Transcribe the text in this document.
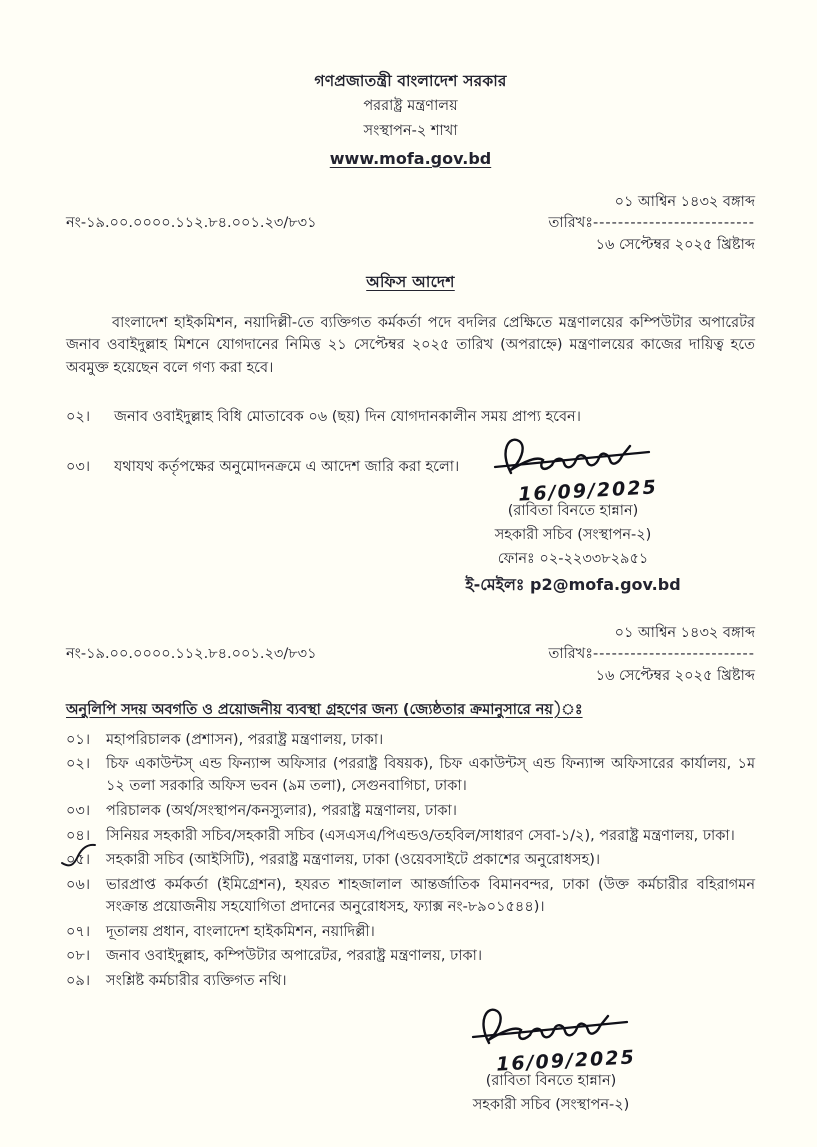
গণপ্রজাতন্ত্রী বাংলাদেশ সরকার
পররাষ্ট্র মন্ত্রণালয়
সংস্থাপন-২ শাখা
www.mofa.gov.bd
নং-১৯.০০.০০০০.১১২.৮৪.০০১.২৩/৮৩১
০১ আশ্বিন ১৪৩২ বঙ্গাব্দ
তারিখঃ--------------------------
১৬ সেপ্টেম্বর ২০২৫ খ্রিষ্টাব্দ
অফিস আদেশ

বাংলাদেশ হাইকমিশন, নয়াদিল্লী-তে ব্যক্তিগত কর্মকর্তা পদে বদলির প্রেক্ষিতে মন্ত্রণালয়ের কম্পিউটার অপারেটর জনাব ওবাইদুল্লাহ মিশনে যোগদানের নিমিত্ত ২১ সেপ্টেম্বর ২০২৫ তারিখ (অপরাহ্নে) মন্ত্রণালয়ের কাজের দায়িত্ব হতে অবমুক্ত হয়েছেন বলে গণ্য করা হবে।

০২।	জনাব ওবাইদুল্লাহ বিধি মোতাবেক ০৬ (ছয়) দিন যোগদানকালীন সময় প্রাপ্য হবেন।
০৩।	যথাযথ কর্তৃপক্ষের অনুমোদনক্রমে এ আদেশ জারি করা হলো।
16/09/2025
(রাবিতা বিনতে হান্নান)
সহকারী সচিব (সংস্থাপন-২)
ফোনঃ ০২-২২৩৩৮২৯৫১
ই-মেইলঃ p2@mofa.gov.bd
নং-১৯.০০.০০০০.১১২.৮৪.০০১.২৩/৮৩১
০১ আশ্বিন ১৪৩২ বঙ্গাব্দ
তারিখঃ--------------------------
১৬ সেপ্টেম্বর ২০২৫ খ্রিষ্টাব্দ
অনুলিপি সদয় অবগতি ও প্রয়োজনীয় ব্যবস্থা গ্রহণের জন্য (জ্যেষ্ঠতার ক্রমানুসারে নয়)ঃ
০১।	মহাপরিচালক (প্রশাসন), পররাষ্ট্র মন্ত্রণালয়, ঢাকা।
০২।	চিফ একাউন্টস্ এন্ড ফিন্যান্স অফিসার (পররাষ্ট্র বিষয়ক), চিফ একাউন্টস্ এন্ড ফিন্যান্স অফিসারের কার্যালয়, ১ম ১২ তলা সরকারি অফিস ভবন (৯ম তলা), সেগুনবাগিচা, ঢাকা।
০৩।	পরিচালক (অর্থ/সংস্থাপন/কনস্যুলার), পররাষ্ট্র মন্ত্রণালয়, ঢাকা।
০৪।	সিনিয়র সহকারী সচিব/সহকারী সচিব (এসএসএ/পিএন্ডও/তহবিল/সাধারণ সেবা-১/২), পররাষ্ট্র মন্ত্রণালয়, ঢাকা।
০৫।	সহকারী সচিব (আইসিটি), পররাষ্ট্র মন্ত্রণালয়, ঢাকা (ওয়েবসাইটে প্রকাশের অনুরোধসহ)।
০৬।	ভারপ্রাপ্ত কর্মকর্তা (ইমিগ্রেশন), হযরত শাহজালাল আন্তর্জাতিক বিমানবন্দর, ঢাকা (উক্ত কর্মচারীর বহিরাগমন সংক্রান্ত প্রয়োজনীয় সহযোগিতা প্রদানের অনুরোধসহ, ফ্যাক্স নং-৮৯০১৫৪৪)।
০৭।	দূতালয় প্রধান, বাংলাদেশ হাইকমিশন, নয়াদিল্লী।
০৮।	জনাব ওবাইদুল্লাহ, কম্পিউটার অপারেটর, পররাষ্ট্র মন্ত্রণালয়, ঢাকা।
০৯।	সংশ্লিষ্ট কর্মচারীর ব্যক্তিগত নথি।
16/09/2025
(রাবিতা বিনতে হান্নান)
সহকারী সচিব (সংস্থাপন-২)
